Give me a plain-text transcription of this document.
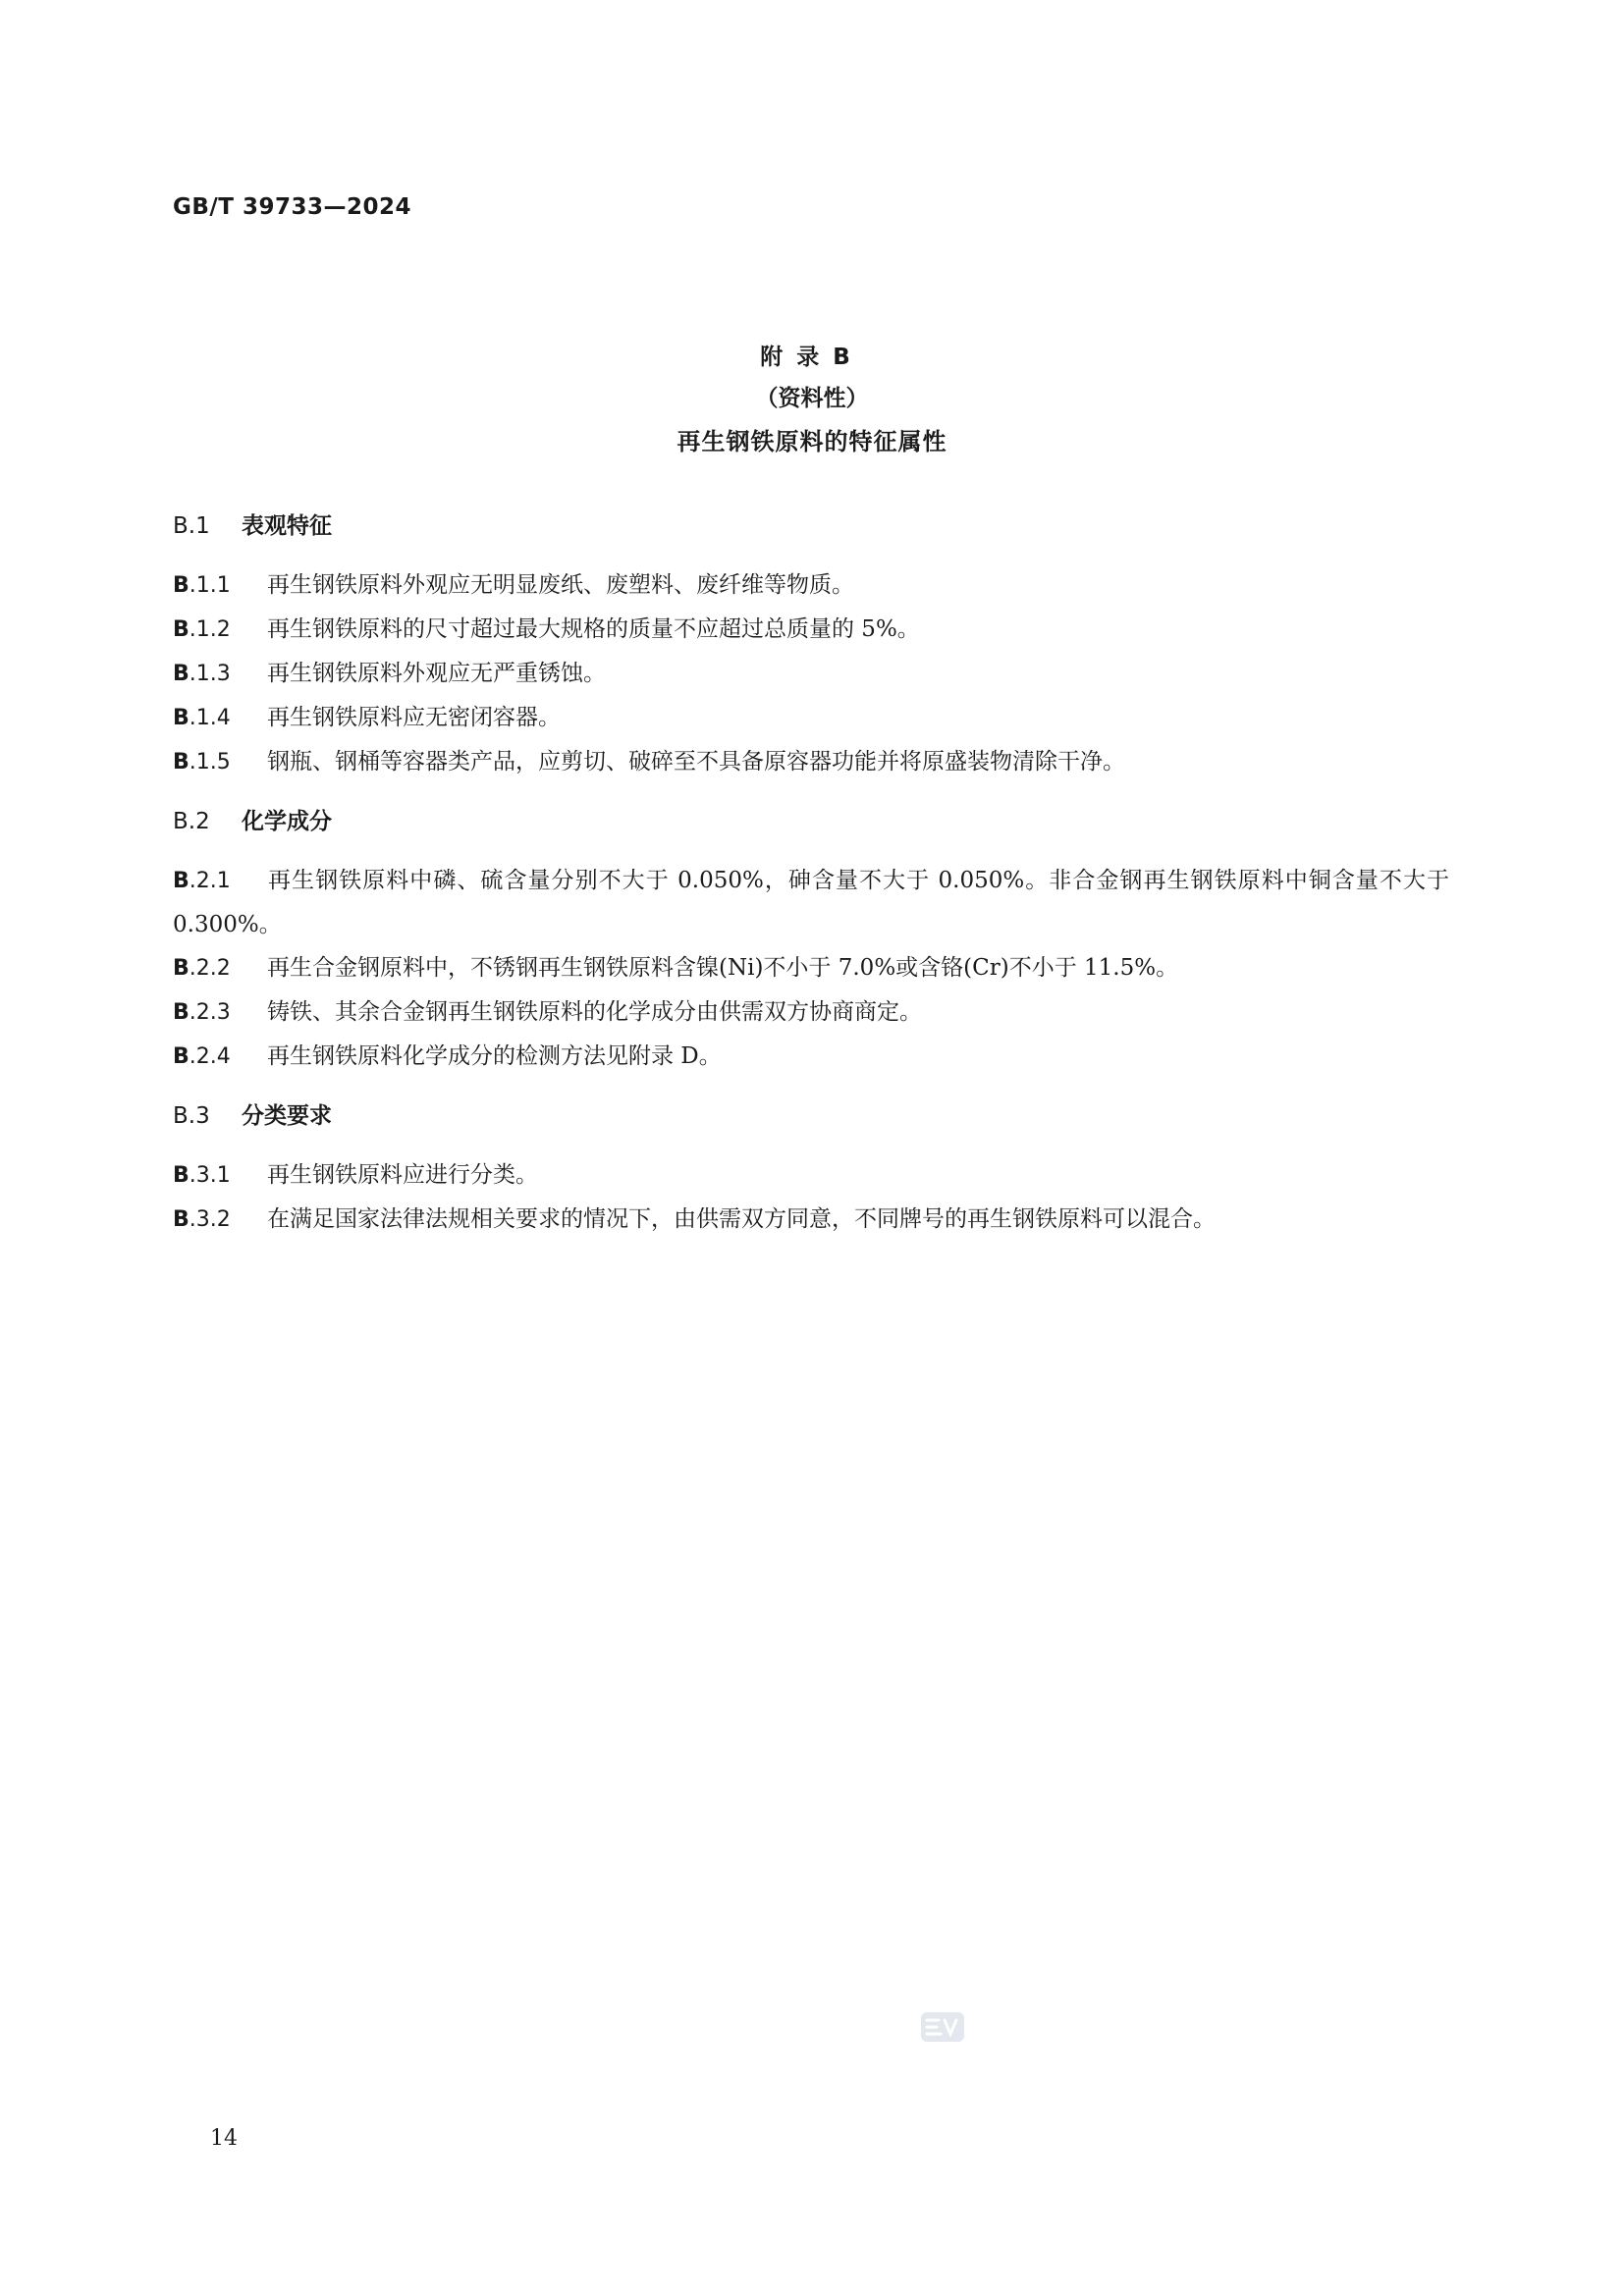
GB/T 39733—2024
附录B
（资料性）
再生钢铁原料的特征属性
B.1 表观特征
B.1.1 再生钢铁原料外观应无明显废纸、废塑料、废纤维等物质。
B.1.2 再生钢铁原料的尺寸超过最大规格的质量不应超过总质量的 5%。
B.1.3 再生钢铁原料外观应无严重锈蚀。
B.1.4 再生钢铁原料应无密闭容器。
B.1.5 钢瓶、钢桶等容器类产品，应剪切、破碎至不具备原容器功能并将原盛装物清除干净。
B.2 化学成分
B.2.1 再生钢铁原料中磷、硫含量分别不大于 0.050%，砷含量不大于 0.050%。非合金钢再生钢铁原料中铜含量不大于 0.300%。
B.2.2 再生合金钢原料中，不锈钢再生钢铁原料含镍(Ni)不小于 7.0%或含铬(Cr)不小于 11.5%。
B.2.3 铸铁、其余合金钢再生钢铁原料的化学成分由供需双方协商商定。
B.2.4 再生钢铁原料化学成分的检测方法见附录 D。
B.3 分类要求
B.3.1 再生钢铁原料应进行分类。
B.3.2 在满足国家法律法规相关要求的情况下，由供需双方同意，不同牌号的再生钢铁原料可以混合。
14
